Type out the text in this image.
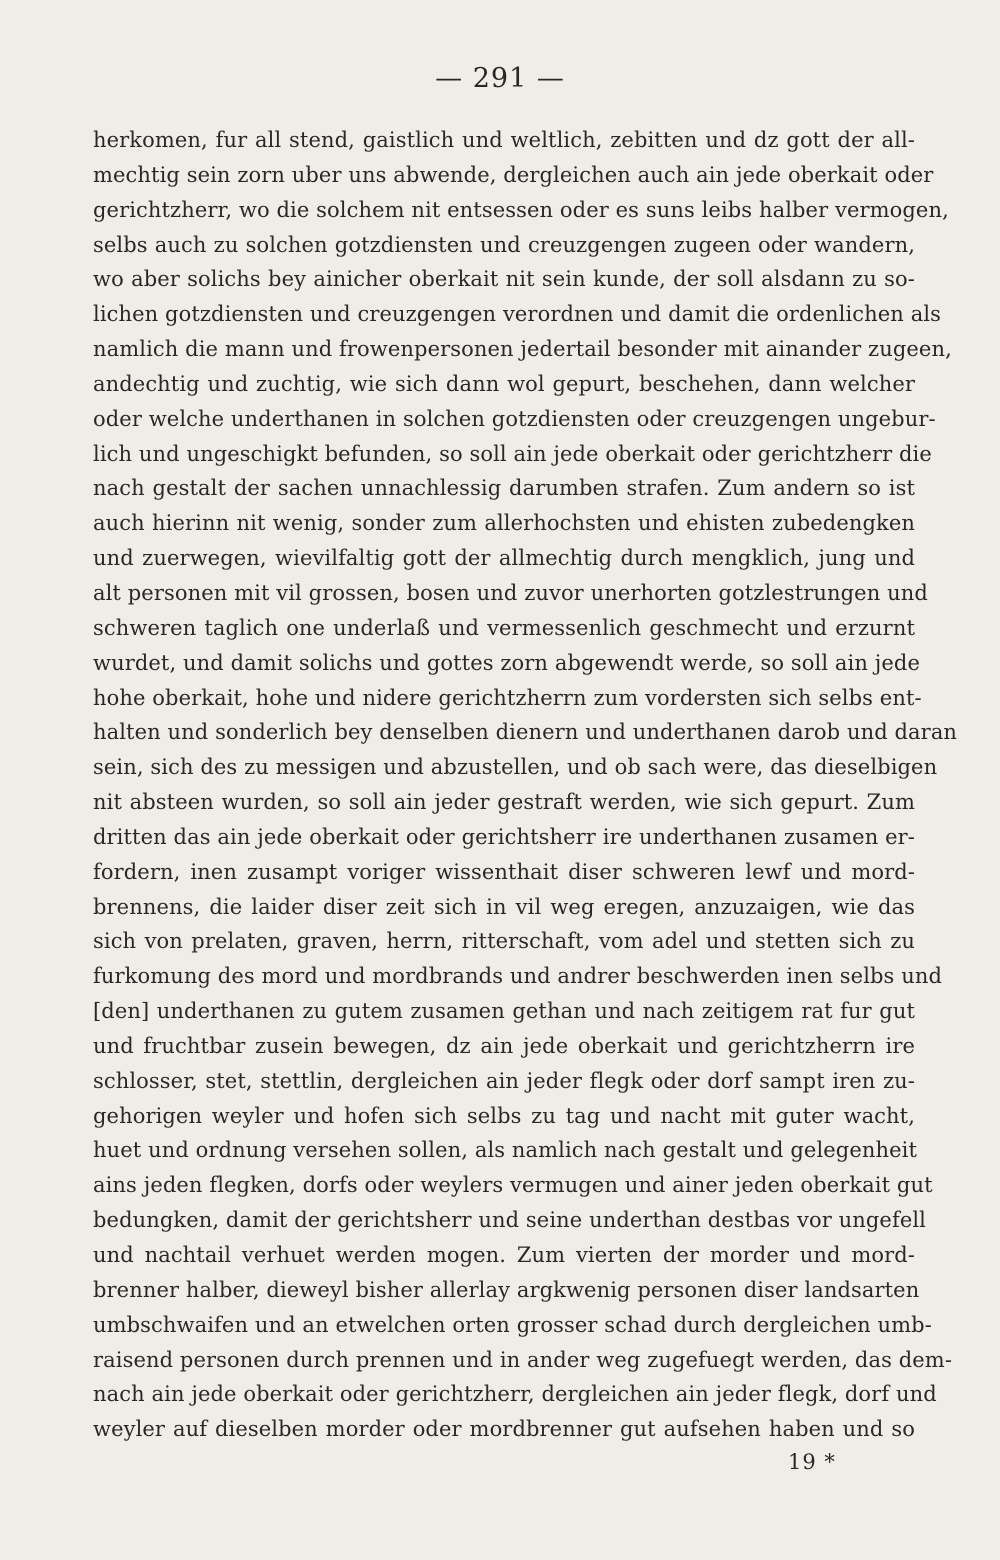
— 291 —
herkomen, fur all stend, gaistlich und weltlich, zebitten und dz gott der all-
mechtig sein zorn uber uns abwende, dergleichen auch ain jede oberkait oder
gerichtzherr, wo die solchem nit entsessen oder es suns leibs halber vermogen,
selbs auch zu solchen gotzdiensten und creuzgengen zugeen oder wandern,
wo aber solichs bey ainicher oberkait nit sein kunde, der soll alsdann zu so-
lichen gotzdiensten und creuzgengen verordnen und damit die ordenlichen als
namlich die mann und frowenpersonen jedertail besonder mit ainander zugeen,
andechtig und zuchtig, wie sich dann wol gepurt, beschehen, dann welcher
oder welche underthanen in solchen gotzdiensten oder creuzgengen ungebur-
lich und ungeschigkt befunden, so soll ain jede oberkait oder gerichtzherr die
nach gestalt der sachen unnachlessig darumben strafen. Zum andern so ist
auch hierinn nit wenig, sonder zum allerhochsten und ehisten zubedengken
und zuerwegen, wievilfaltig gott der allmechtig durch mengklich, jung und
alt personen mit vil grossen, bosen und zuvor unerhorten gotzlestrungen und
schweren taglich one underlaß und vermessenlich geschmecht und erzurnt
wurdet, und damit solichs und gottes zorn abgewendt werde, so soll ain jede
hohe oberkait, hohe und nidere gerichtzherrn zum vordersten sich selbs ent-
halten und sonderlich bey denselben dienern und underthanen darob und daran
sein, sich des zu messigen und abzustellen, und ob sach were, das dieselbigen
nit absteen wurden, so soll ain jeder gestraft werden, wie sich gepurt. Zum
dritten das ain jede oberkait oder gerichtsherr ire underthanen zusamen er-
fordern, inen zusampt voriger wissenthait diser schweren lewf und mord-
brennens, die laider diser zeit sich in vil weg eregen, anzuzaigen, wie das
sich von prelaten, graven, herrn, ritterschaft, vom adel und stetten sich zu
furkomung des mord und mordbrands und andrer beschwerden inen selbs und
[den] underthanen zu gutem zusamen gethan und nach zeitigem rat fur gut
und fruchtbar zusein bewegen, dz ain jede oberkait und gerichtzherrn ire
schlosser, stet, stettlin, dergleichen ain jeder flegk oder dorf sampt iren zu-
gehorigen weyler und hofen sich selbs zu tag und nacht mit guter wacht,
huet und ordnung versehen sollen, als namlich nach gestalt und gelegenheit
ains jeden flegken, dorfs oder weylers vermugen und ainer jeden oberkait gut
bedungken, damit der gerichtsherr und seine underthan destbas vor ungefell
und nachtail verhuet werden mogen. Zum vierten der morder und mord-
brenner halber, dieweyl bisher allerlay argkwenig personen diser landsarten
umbschwaifen und an etwelchen orten grosser schad durch dergleichen umb-
raisend personen durch prennen und in ander weg zugefuegt werden, das dem-
nach ain jede oberkait oder gerichtzherr, dergleichen ain jeder flegk, dorf und
weyler auf dieselben morder oder mordbrenner gut aufsehen haben und so
19 *
